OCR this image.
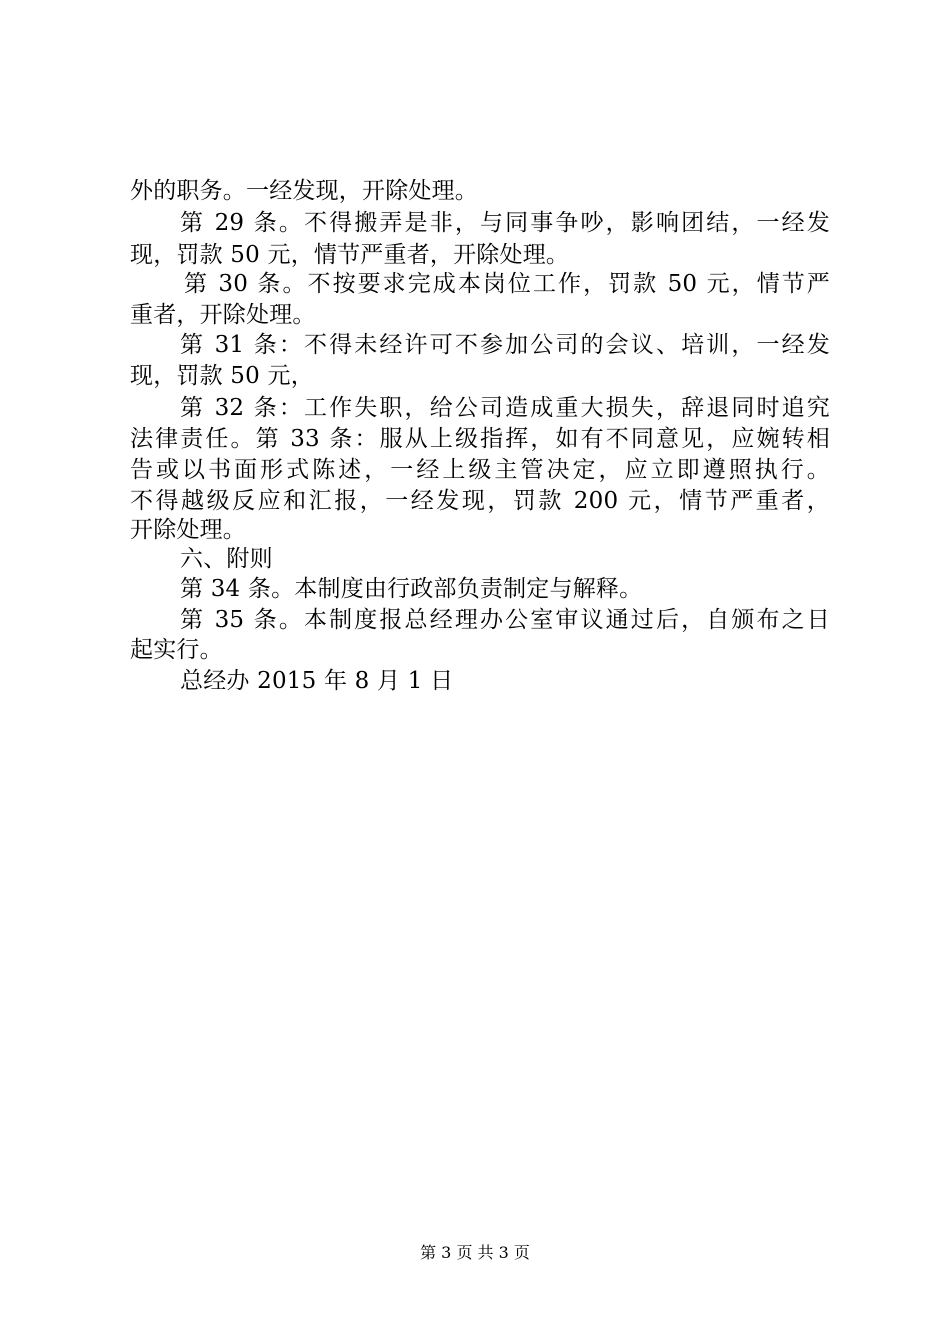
外的职务。一经发现，开除处理。
第 29 条。不得搬弄是非，与同事争吵，影响团结，一经发
现，罚款 50 元，情节严重者，开除处理。
第 30 条。不按要求完成本岗位工作，罚款 50 元，情节严
重者，开除处理。
第 31 条：不得未经许可不参加公司的会议、培训，一经发
现，罚款 50 元，
第 32 条：工作失职，给公司造成重大损失，辞退同时追究
法律责任。第 33 条：服从上级指挥，如有不同意见，应婉转相
告或以书面形式陈述，一经上级主管决定，应立即遵照执行。
不得越级反应和汇报，一经发现，罚款 200 元，情节严重者，
开除处理。
六、附则
第 34 条。本制度由行政部负责制定与解释。
第 35 条。本制度报总经理办公室审议通过后，自颁布之日
起实行。
总经办 2015 年 8 月 1 日
第 3 页 共 3 页
